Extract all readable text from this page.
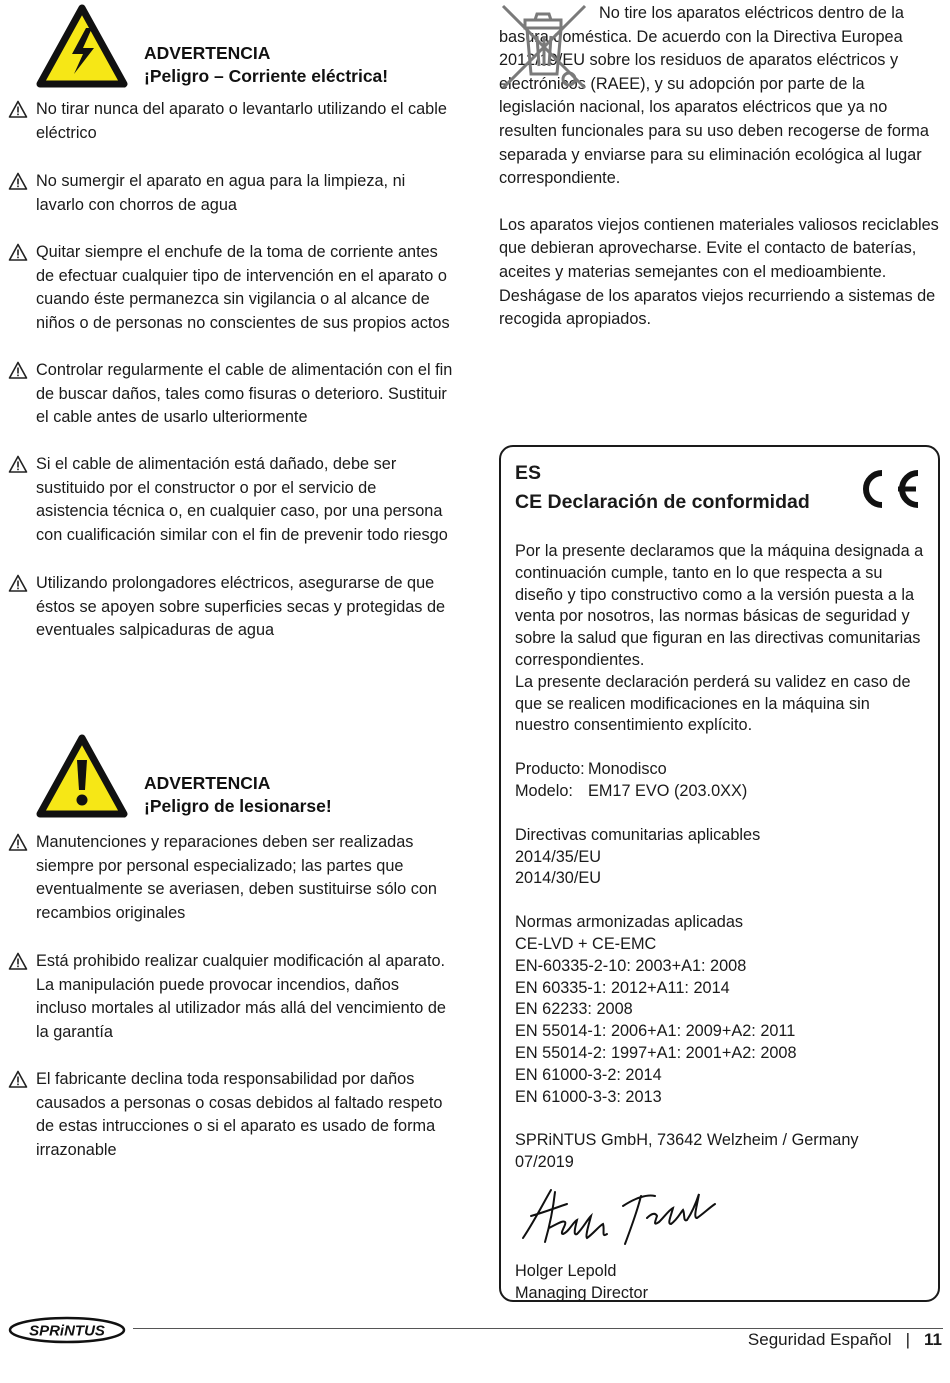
ADVERTENCIA
¡Peligro – Corriente eléctrica!
No tirar nunca del aparato o levantarlo utilizando el cable eléctrico
No sumergir el aparato en agua para la limpieza, ni lavarlo con chorros de agua
Quitar siempre el enchufe de la toma de corriente antes de efectuar cualquier tipo de intervención en el aparato o cuando éste permanezca sin vigilancia o al alcance de niños o de personas no conscientes de sus propios actos
Controlar regularmente el cable de alimentación con el fin de buscar daños, tales como fisuras o deterioro. Sustituir el cable antes de usarlo ulteriormente
Si el cable de alimentación está dañado, debe ser sustituido por el constructor o por el servicio de asistencia técnica o, en cualquier caso, por una persona con cualificación similar con el fin de prevenir todo riesgo
Utilizando prolongadores eléctricos, asegurarse de que éstos se apoyen sobre superficies secas y protegidas de eventuales salpicaduras de agua
ADVERTENCIA
¡Peligro de lesionarse!
Manutenciones y reparaciones deben ser realizadas siempre por personal especializado; las partes que eventualmente se averiasen, deben sustituirse sólo con recambios originales
Está prohibido realizar cualquier modificación al aparato. La manipulación puede provocar incendios, daños incluso mortales al utilizador más allá del vencimiento de la garantía
El fabricante declina toda responsabilidad por daños causados a personas o cosas debidos al faltado respeto de estas intrucciones o si el aparato es usado de forma irrazonable

No tire los aparatos eléctricos dentro de la basura doméstica. De acuerdo con la Directiva Europea 2012/19/EU sobre los residuos de aparatos eléctricos y electrónicos (RAEE), y su adopción por parte de la legislación nacional, los aparatos eléctricos que ya no resulten funcionales para su uso deben recogerse de forma separada y enviarse para su eliminación ecológica al lugar correspondiente.

Los aparatos viejos contienen materiales valiosos reciclables que debieran aprovecharse. Evite el contacto de baterías, aceites y materias semejantes con el medioambiente. Deshágase de los aparatos viejos recurriendo a sistemas de recogida apropiados.

ES
CE Declaración de conformidad
Por la presente declaramos que la máquina designada a continuación cumple, tanto en lo que respecta a su diseño y tipo constructivo como a la versión puesta a la venta por nosotros, las normas básicas de seguridad y sobre la salud que figuran en las directivas comunitarias correspondientes.
La presente declaración perderá su validez en caso de que se realicen modificaciones en la máquina sin nuestro consentimiento explícito.
Producto: Monodisco
Modelo: EM17 EVO (203.0XX)
Directivas comunitarias aplicables
2014/35/EU
2014/30/EU
Normas armonizadas aplicadas
CE-LVD + CE-EMC
EN-60335-2-10: 2003+A1: 2008
EN 60335-1: 2012+A11: 2014
EN 62233: 2008
EN 55014-1: 2006+A1: 2009+A2: 2011
EN 55014-2: 1997+A1: 2001+A2: 2008
EN 61000-3-2: 2014
EN 61000-3-3: 2013
SPRiNTUS GmbH, 73642 Welzheim / Germany
07/2019
Holger Lepold
Managing Director
SPRiNTUS	Seguridad Español | 11
